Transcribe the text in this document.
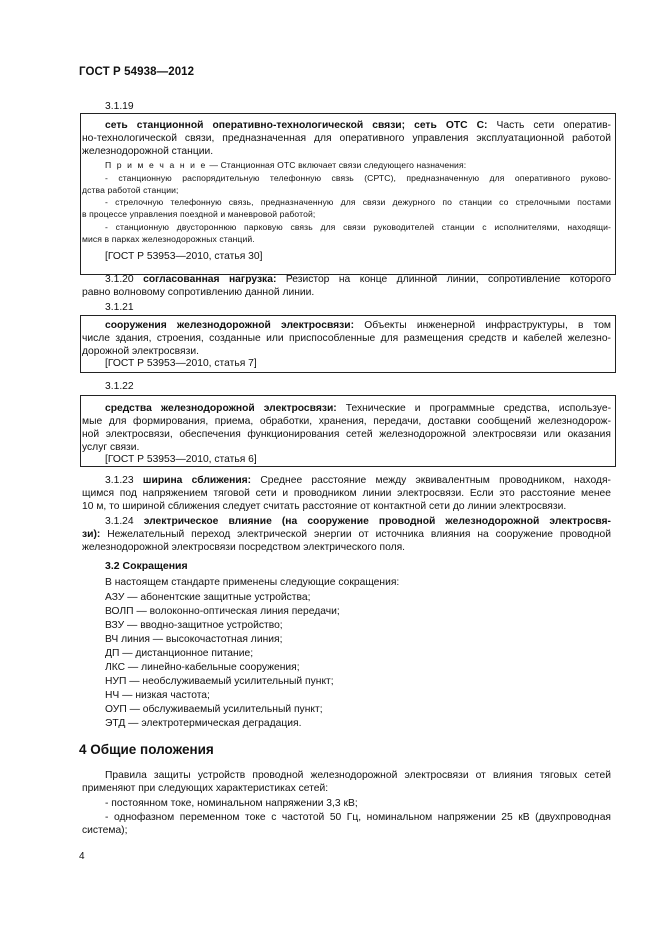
ГОСТ Р 54938—2012
3.1.19
сеть станционной оперативно-технологической связи; сеть ОТС С: Часть сети оператив-
но-технологической связи, предназначенная для оперативного управления эксплуатационной работой
железнодорожной станции.
П р и м е ч а н и е — Станционная ОТС включает связи следующего назначения:
- станционную распорядительную телефонную связь (СРТС), предназначенную для оперативного руково-
дства работой станции;
- стрелочную телефонную связь, предназначенную для связи дежурного по станции со стрелочными постами
в процессе управления поездной и маневровой работой;
- станционную двустороннюю парковую связь для связи руководителей станции с исполнителями, находящи-
мися в парках железнодорожных станций.
[ГОСТ Р 53953—2010, статья 30]
3.1.20 согласованная нагрузка: Резистор на конце длинной линии, сопротивление которого
равно волновому сопротивлению данной линии.
3.1.21
сооружения железнодорожной электросвязи: Объекты инженерной инфраструктуры, в том
числе здания, строения, созданные или приспособленные для размещения средств и кабелей железно-
дорожной электросвязи.
[ГОСТ Р 53953—2010, статья 7]
3.1.22
средства железнодорожной электросвязи: Технические и программные средства, используе-
мые для формирования, приема, обработки, хранения, передачи, доставки сообщений железнодорож-
ной электросвязи, обеспечения функционирования сетей железнодорожной электросвязи или оказания
услуг связи.
[ГОСТ Р 53953—2010, статья 6]
3.1.23 ширина сближения: Среднее расстояние между эквивалентным проводником, находя-
щимся под напряжением тяговой сети и проводником линии электросвязи. Если это расстояние менее
10 м, то шириной сближения следует считать расстояние от контактной сети до линии электросвязи.
3.1.24 электрическое влияние (на сооружение проводной железнодорожной электросвя-
зи): Нежелательный переход электрической энергии от источника влияния на сооружение проводной
железнодорожной электросвязи посредством электрического поля.
3.2 Сокращения
В настоящем стандарте применены следующие сокращения:
АЗУ — абонентские защитные устройства;
ВОЛП — волоконно-оптическая линия передачи;
ВЗУ — вводно-защитное устройство;
ВЧ линия — высокочастотная линия;
ДП — дистанционное питание;
ЛКС — линейно-кабельные сооружения;
НУП — необслуживаемый усилительный пункт;
НЧ — низкая частота;
ОУП — обслуживаемый усилительный пункт;
ЭТД — электротермическая деградация.
4 Общие положения
Правила защиты устройств проводной железнодорожной электросвязи от влияния тяговых сетей
применяют при следующих характеристиках сетей:
- постоянном токе, номинальном напряжении 3,3 кВ;
- однофазном переменном токе с частотой 50 Гц, номинальном напряжении 25 кВ (двухпроводная
система);
4
